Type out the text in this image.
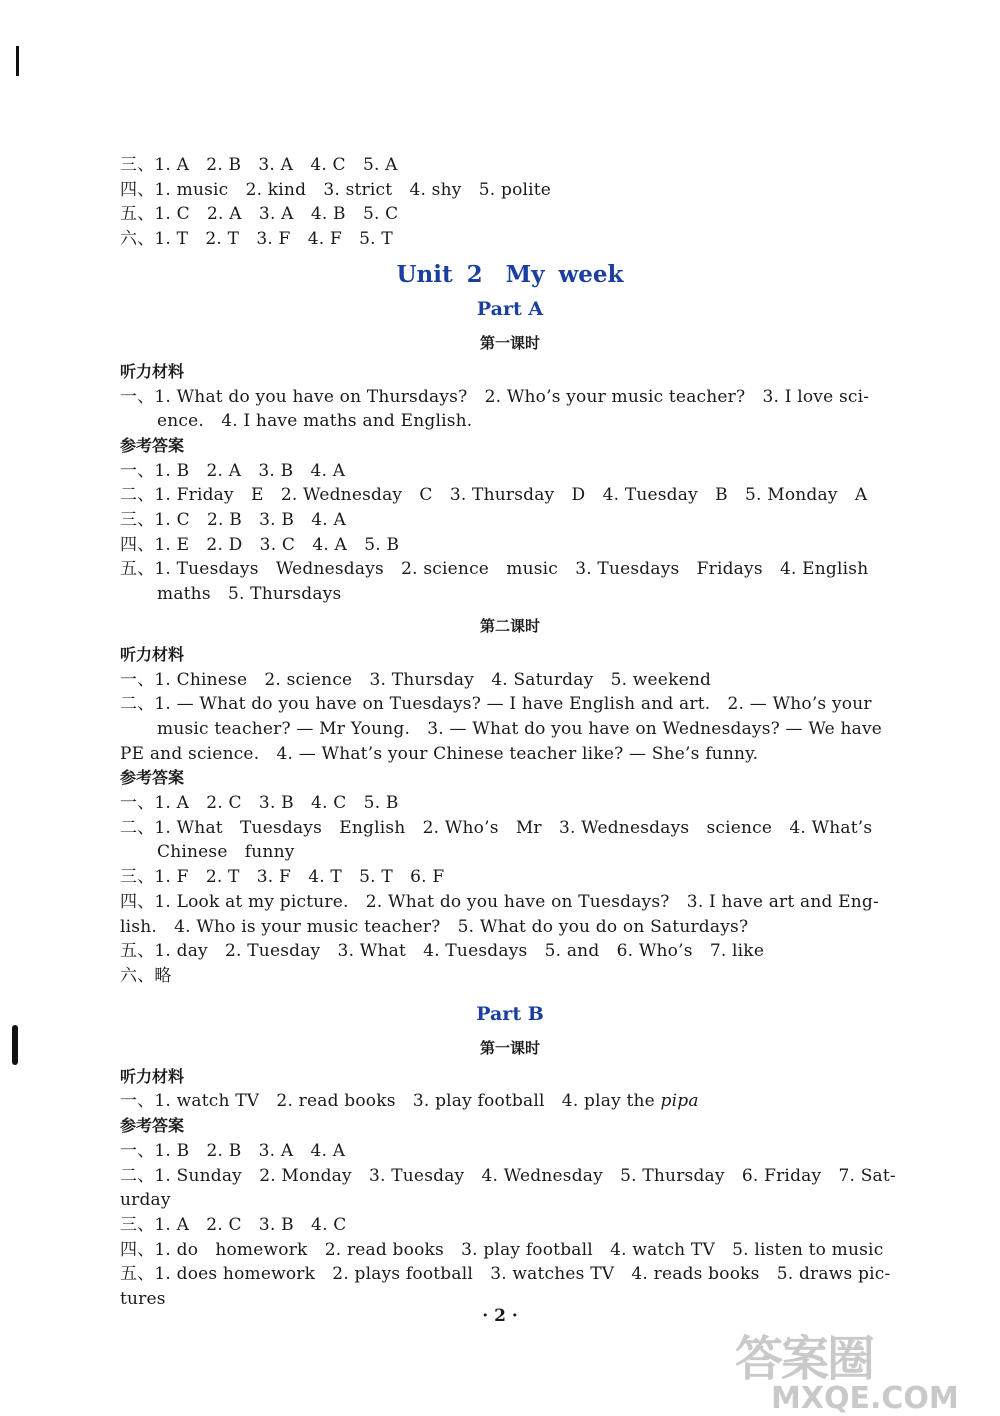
三、1. A　2. B　3. A　4. C　5. A
四、1. music　2. kind　3. strict　4. shy　5. polite
五、1. C　2. A　3. A　4. B　5. C
六、1. T　2. T　3. F　4. F　5. T
Unit 2　My week
Part A
第一课时
听力材料
一、1. What do you have on Thursdays?　2. Who’s your music teacher?　3. I love sci-
ence.　4. I have maths and English.
参考答案
一、1. B　2. A　3. B　4. A
二、1. Friday　E　2. Wednesday　C　3. Thursday　D　4. Tuesday　B　5. Monday　A
三、1. C　2. B　3. B　4. A
四、1. E　2. D　3. C　4. A　5. B
五、1. Tuesdays　Wednesdays　2. science　music　3. Tuesdays　Fridays　4. English
maths　5. Thursdays
第二课时
听力材料
一、1. Chinese　2. science　3. Thursday　4. Saturday　5. weekend
二、1. — What do you have on Tuesdays? — I have English and art.　2. — Who’s your
music teacher? — Mr Young.　3. — What do you have on Wednesdays? — We have
PE and science.　4. — What’s your Chinese teacher like? — She’s funny.
参考答案
一、1. A　2. C　3. B　4. C　5. B
二、1. What　Tuesdays　English　2. Who’s　Mr　3. Wednesdays　science　4. What’s
Chinese　funny
三、1. F　2. T　3. F　4. T　5. T　6. F
四、1. Look at my picture.　2. What do you have on Tuesdays?　3. I have art and Eng-
lish.　4. Who is your music teacher?　5. What do you do on Saturdays?
五、1. day　2. Tuesday　3. What　4. Tuesdays　5. and　6. Who’s　7. like
六、略
Part B
第一课时
听力材料
一、1. watch TV　2. read books　3. play football　4. play the pipa
参考答案
一、1. B　2. B　3. A　4. A
二、1. Sunday　2. Monday　3. Tuesday　4. Wednesday　5. Thursday　6. Friday　7. Sat-
urday
三、1. A　2. C　3. B　4. C
四、1. do　homework　2. read books　3. play football　4. watch TV　5. listen to music
五、1. does homework　2. plays football　3. watches TV　4. reads books　5. draws pic-
tures
· 2 ·
答案圈
MXQE.COM
